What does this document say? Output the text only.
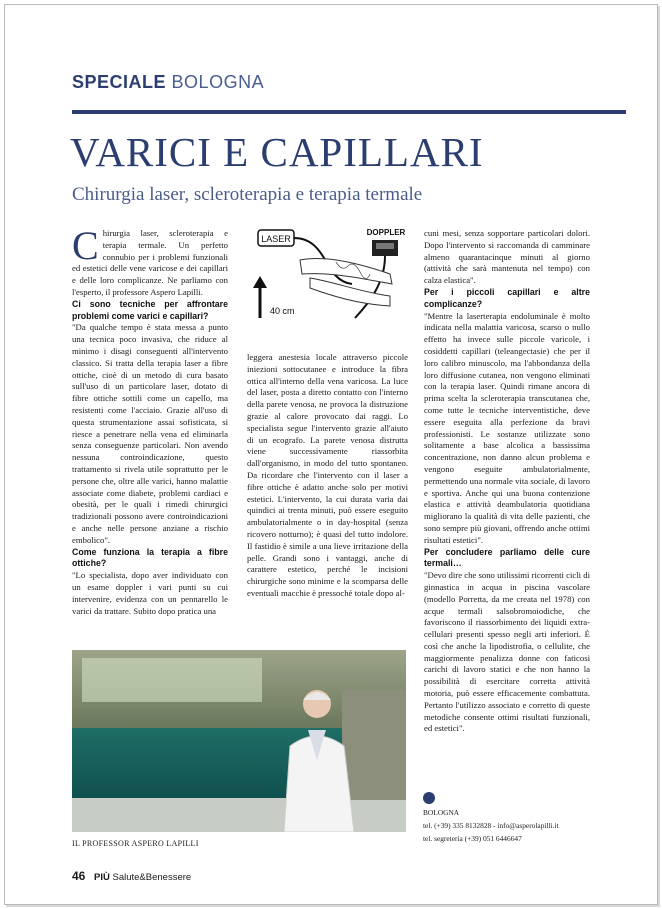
SPECIALE BOLOGNA
VARICI E CAPILLARI
Chirurgia laser, scleroterapia e terapia termale

Chirurgia laser, scleroterapia e terapia termale. Un perfetto connubio per i problemi funzionali ed estetici delle vene varicose e dei capillari e delle loro complicanze. Ne parliamo con l'esperto, il professore Aspero Lapilli.

Ci sono tecniche per affrontare problemi come varici e capillari?

"Da qualche tempo è stata messa a punto una tecnica poco invasiva, che riduce al minimo i disagi conseguenti all'intervento classico. Si tratta della terapia laser a fibre ottiche, cioè di un metodo di cura basato sull'uso di un particolare laser, dotato di fibre ottiche sottili come un capello, ma resistenti come l'acciaio. Grazie all'uso di questa strumentazione assai sofisticata, si riesce a penetrare nella vena ed eliminarla senza conseguenze particolari. Non avendo nessuna controindicazione, questo trattamento si rivela utile soprattutto per le persone che, oltre alle varici, hanno malattie associate come diabete, problemi cardiaci e obesità, per le quali i rimedi chirurgici tradizionali possono avere controindicazioni e anche nelle persone anziane a rischio embolico".

Come funziona la terapia a fibre ottiche?

"Lo specialista, dopo aver individuato con un esame doppler i vari punti su cui intervenire, evidenza con un pennarello le varici da trattare. Subito dopo pratica una

LASER
DOPPLER
40 cm

leggera anestesia locale attraverso piccole iniezioni sottocutanee e introduce la fibra ottica all'interno della vena varicosa. La luce del laser, posta a diretto contatto con l'interno della parete venosa, ne provoca la distruzione grazie al calore provocato dai raggi. Lo specialista segue l'intervento grazie all'aiuto di un ecografo. La parete venosa distrutta viene successivamente riassorbita dall'organismo, in modo del tutto spontaneo. Da ricordare che l'intervento con il laser a fibre ottiche è adatto anche solo per motivi estetici. L'intervento, la cui durata varia dai quindici ai trenta minuti, può essere eseguito ambulatorialmente o in day-hospital (senza ricovero notturno); è quasi del tutto indolore. Il fastidio è simile a una lieve irritazione della pelle. Grandi sono i vantaggi, anche di carattere estetico, perché le incisioni chirurgiche sono minime e la scomparsa delle eventuali macchie è pressoché totale dopo al-

cuni mesi, senza sopportare particolari dolori. Dopo l'intervento si raccomanda di camminare almeno quarantacinque minuti al giorno (attività che sarà mantenuta nel tempo) con calza elastica".

Per i piccoli capillari e altre complicanze?

"Mentre la laserterapia endoluminale è molto indicata nella malattia varicosa, scarso o nullo effetto ha invece sulle piccole varicole, i cosiddetti capillari (teleangectasie) che per il loro calibro minuscolo, ma l'abbondanza della loro diffusione cutanea, non vengono eliminati con la terapia laser. Quindi rimane ancora di prima scelta la scleroterapia transcutanea che, come tutte le tecniche interventistiche, deve essere eseguita alla perfezione da bravi professionisti. Le sostanze utilizzate sono solitamente a base alcolica a bassissima concentrazione, non danno alcun problema e vengono eseguite ambulatorialmente, permettendo una normale vita sociale, di lavoro e sportiva. Anche qui una buona contenzione elastica e attività deambulatoria quotidiana migliorano la qualità di vita delle pazienti, che sono sempre più giovani, offrendo anche ottimi risultati estetici".

Per concludere parliamo delle cure termali…

"Devo dire che sono utilissimi ricorrenti cicli di ginnastica in acqua in piscina vascolare (modello Porretta, da me creata nel 1978) con acque termali salsobromoiodiche, che favoriscono il riassorbimento dei liquidi extra-cellulari presenti spesso negli arti inferiori. È così che anche la lipodistrofia, o cellulite, che maggiormente penalizza donne con faticosi carichi di lavoro statici e che non hanno la possibilità di esercitare corretta attività motoria, può essere efficacemente combattuta. Pertanto l'utilizzo associato e corretto di queste metodiche consente ottimi risultati funzionali, ed estetici".

IL PROFESSOR ASPERO LAPILLI
BOLOGNA
tel. (+39) 335 8132828 - info@asperolapilli.it
tel. segreteria (+39) 051 6446647
46 PIÙ Salute&Benessere
